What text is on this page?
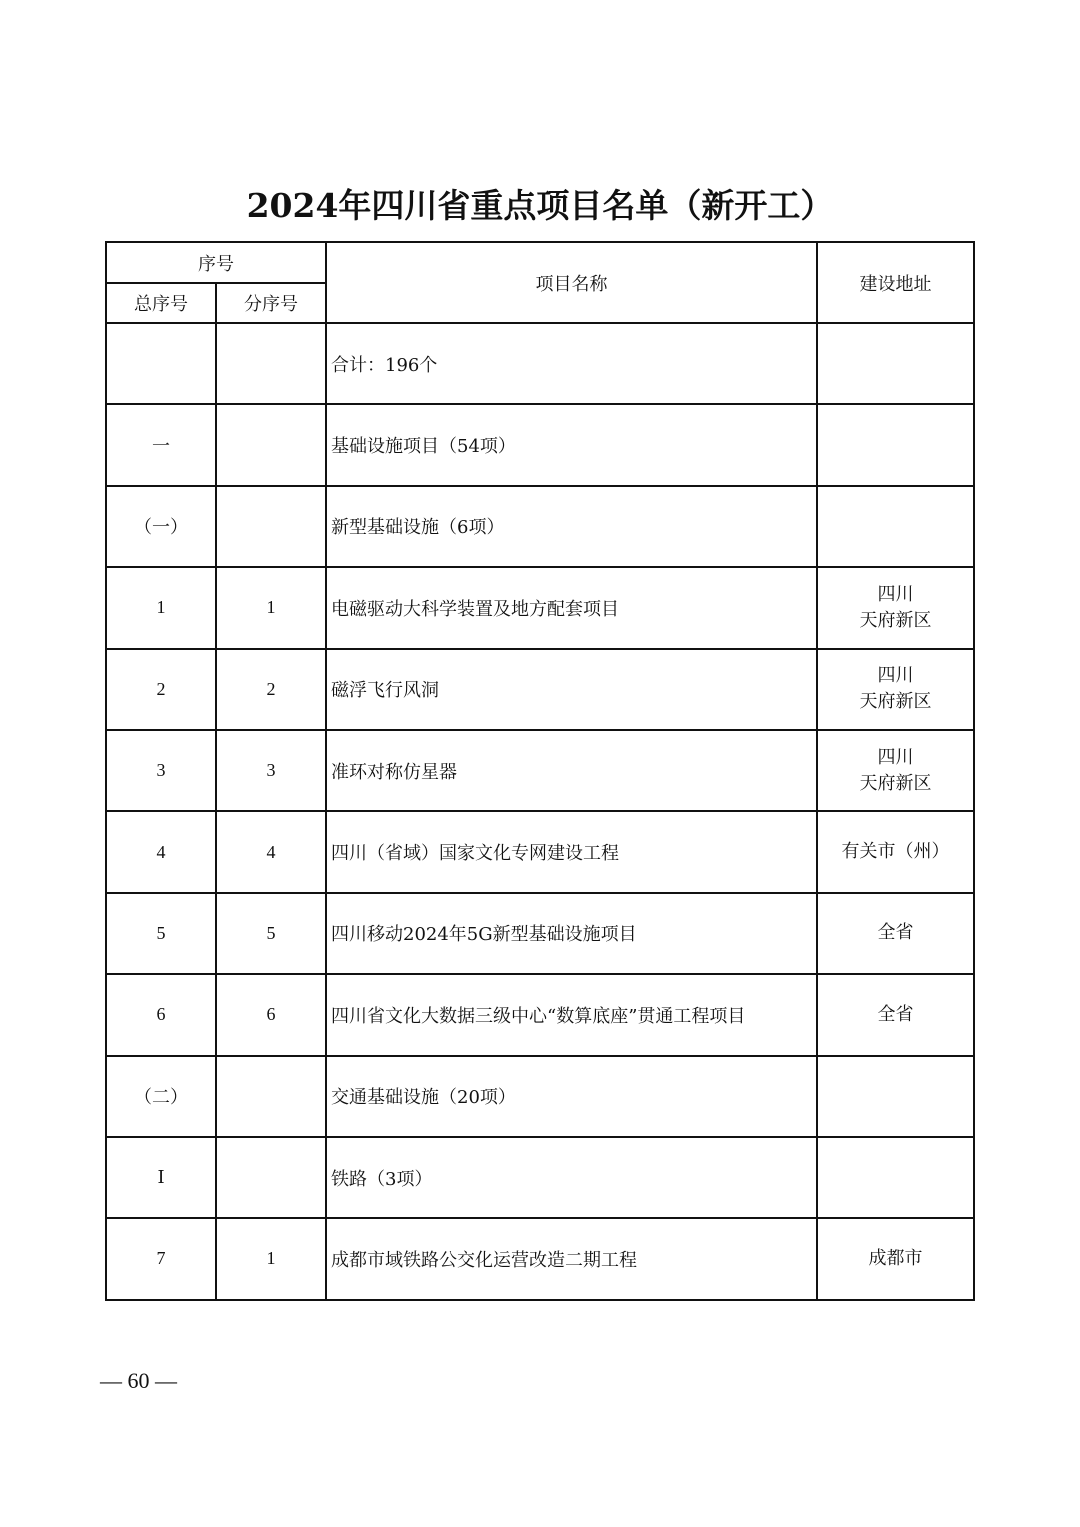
2024年四川省重点项目名单（新开工）
序号		项目名称	建设地址
总序号	分序号		
		合计：196个	

一		基础设施项目（54项）	

（一）		新型基础设施（6项）	

1	1	电磁驱动大科学装置及地方配套项目	四川
天府新区

2	2	磁浮飞行风洞	四川
天府新区

3	3	准环对称仿星器	四川
天府新区

4	4	四川（省域）国家文化专网建设工程	有关市（州）

5	5	四川移动2024年5G新型基础设施项目	全省

6	6	四川省文化大数据三级中心“数算底座”贯通工程项目	全省

（二）		交通基础设施（20项）	

Ⅰ		铁路（3项）	

7	1	成都市域铁路公交化运营改造二期工程	成都市
— 60 —
